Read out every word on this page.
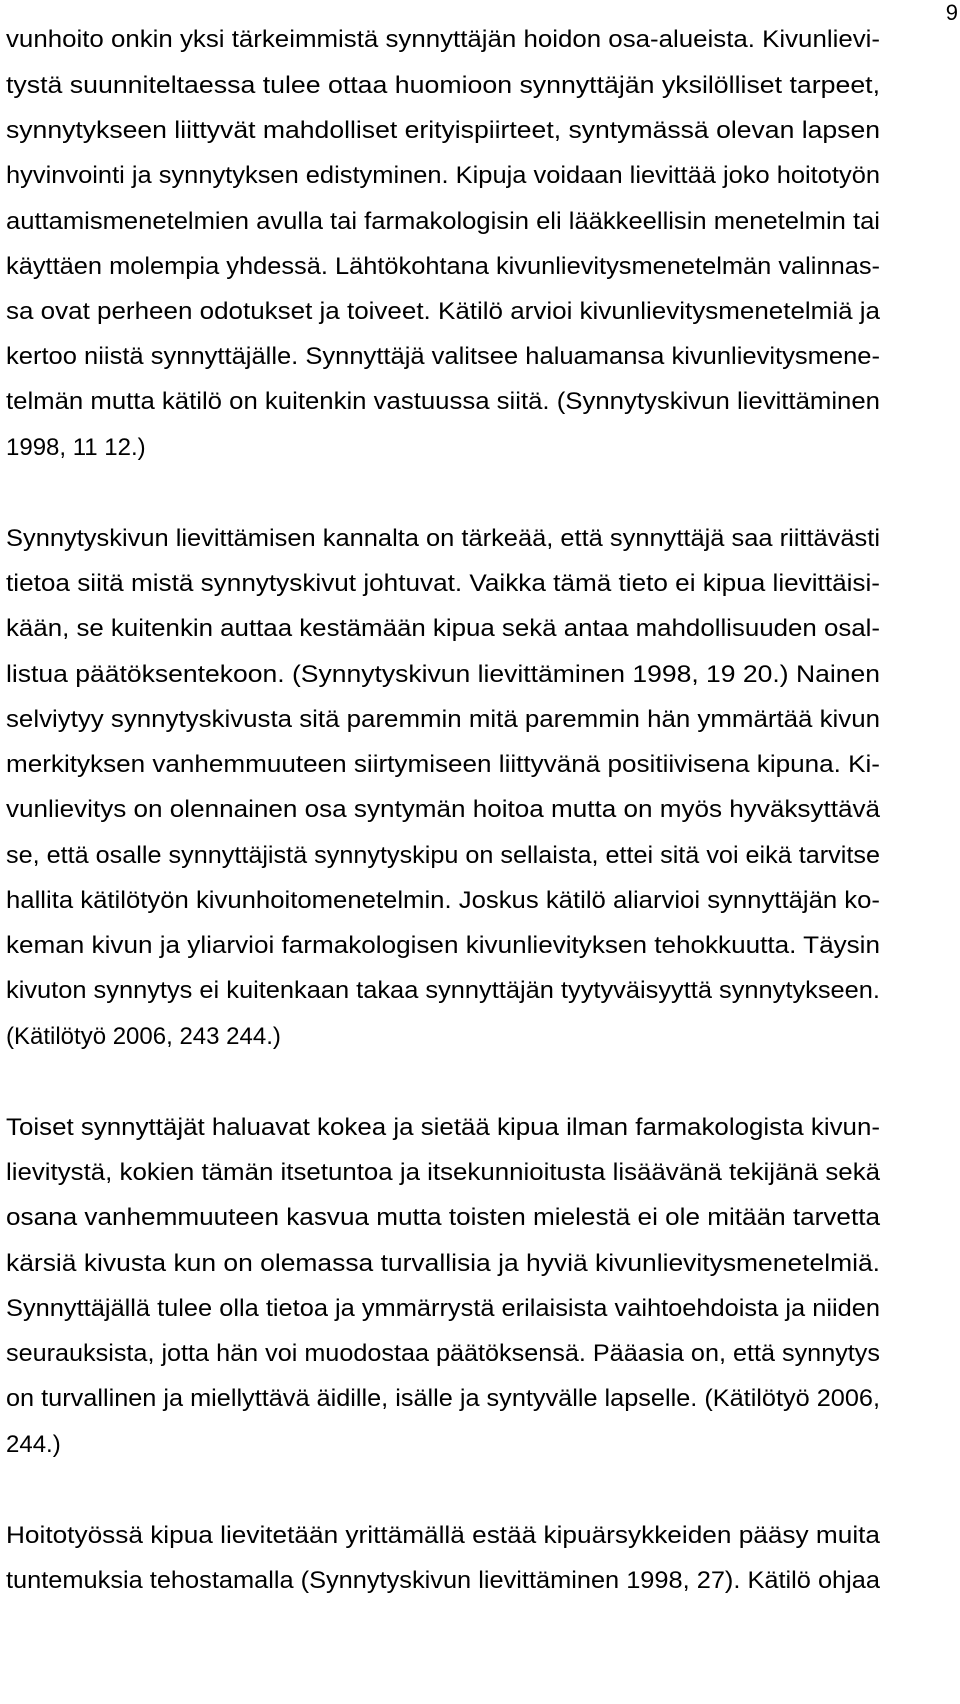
9
vunhoito onkin yksi tärkeimmistä synnyttäjän hoidon osa-alueista. Kivunlievi-
tystä suunniteltaessa tulee ottaa huomioon synnyttäjän yksilölliset tarpeet,
synnytykseen liittyvät mahdolliset erityispiirteet, syntymässä olevan lapsen
hyvinvointi ja synnytyksen edistyminen. Kipuja voidaan lievittää joko hoitotyön
auttamismenetelmien avulla tai farmakologisin eli lääkkeellisin menetelmin tai
käyttäen molempia yhdessä. Lähtökohtana kivunlievitysmenetelmän valinnas-
sa ovat perheen odotukset ja toiveet. Kätilö arvioi kivunlievitysmenetelmiä ja
kertoo niistä synnyttäjälle. Synnyttäjä valitsee haluamansa kivunlievitysmene-
telmän mutta kätilö on kuitenkin vastuussa siitä. (Synnytyskivun lievittäminen
1998, 11 12.)
Synnytyskivun lievittämisen kannalta on tärkeää, että synnyttäjä saa riittävästi
tietoa siitä mistä synnytyskivut johtuvat. Vaikka tämä tieto ei kipua lievittäisi-
kään, se kuitenkin auttaa kestämään kipua sekä antaa mahdollisuuden osal-
listua päätöksentekoon. (Synnytyskivun lievittäminen 1998, 19 20.) Nainen
selviytyy synnytyskivusta sitä paremmin mitä paremmin hän ymmärtää kivun
merkityksen vanhemmuuteen siirtymiseen liittyvänä positiivisena kipuna. Ki-
vunlievitys on olennainen osa syntymän hoitoa mutta on myös hyväksyttävä
se, että osalle synnyttäjistä synnytyskipu on sellaista, ettei sitä voi eikä tarvitse
hallita kätilötyön kivunhoitomenetelmin. Joskus kätilö aliarvioi synnyttäjän ko-
keman kivun ja yliarvioi farmakologisen kivunlievityksen tehokkuutta. Täysin
kivuton synnytys ei kuitenkaan takaa synnyttäjän tyytyväisyyttä synnytykseen.
(Kätilötyö 2006, 243 244.)
Toiset synnyttäjät haluavat kokea ja sietää kipua ilman farmakologista kivun-
lievitystä, kokien tämän itsetuntoa ja itsekunnioitusta lisäävänä tekijänä sekä
osana vanhemmuuteen kasvua mutta toisten mielestä ei ole mitään tarvetta
kärsiä kivusta kun on olemassa turvallisia ja hyviä kivunlievitysmenetelmiä.
Synnyttäjällä tulee olla tietoa ja ymmärrystä erilaisista vaihtoehdoista ja niiden
seurauksista, jotta hän voi muodostaa päätöksensä. Pääasia on, että synnytys
on turvallinen ja miellyttävä äidille, isälle ja syntyvälle lapselle. (Kätilötyö 2006,
244.)
Hoitotyössä kipua lievitetään yrittämällä estää kipuärsykkeiden pääsy muita
tuntemuksia tehostamalla (Synnytyskivun lievittäminen 1998, 27). Kätilö ohjaa
